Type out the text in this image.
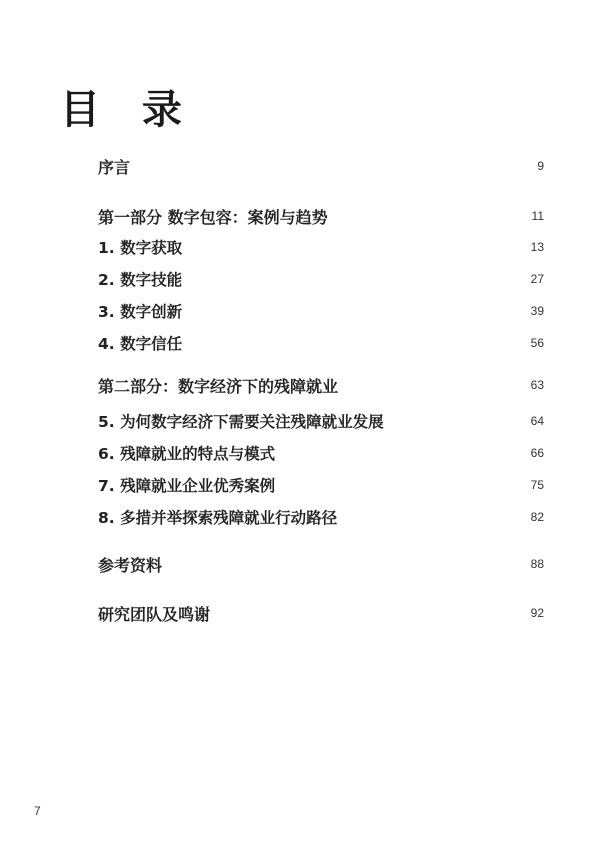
目 录
序言	9
第一部分 数字包容：案例与趋势	11
1. 数字获取	13
2. 数字技能	27
3. 数字创新	39
4. 数字信任	56
第二部分：数字经济下的残障就业	63
5. 为何数字经济下需要关注残障就业发展	64
6. 残障就业的特点与模式	66
7. 残障就业企业优秀案例	75
8. 多措并举探索残障就业行动路径	82
参考资料	88
研究团队及鸣谢	92
7
